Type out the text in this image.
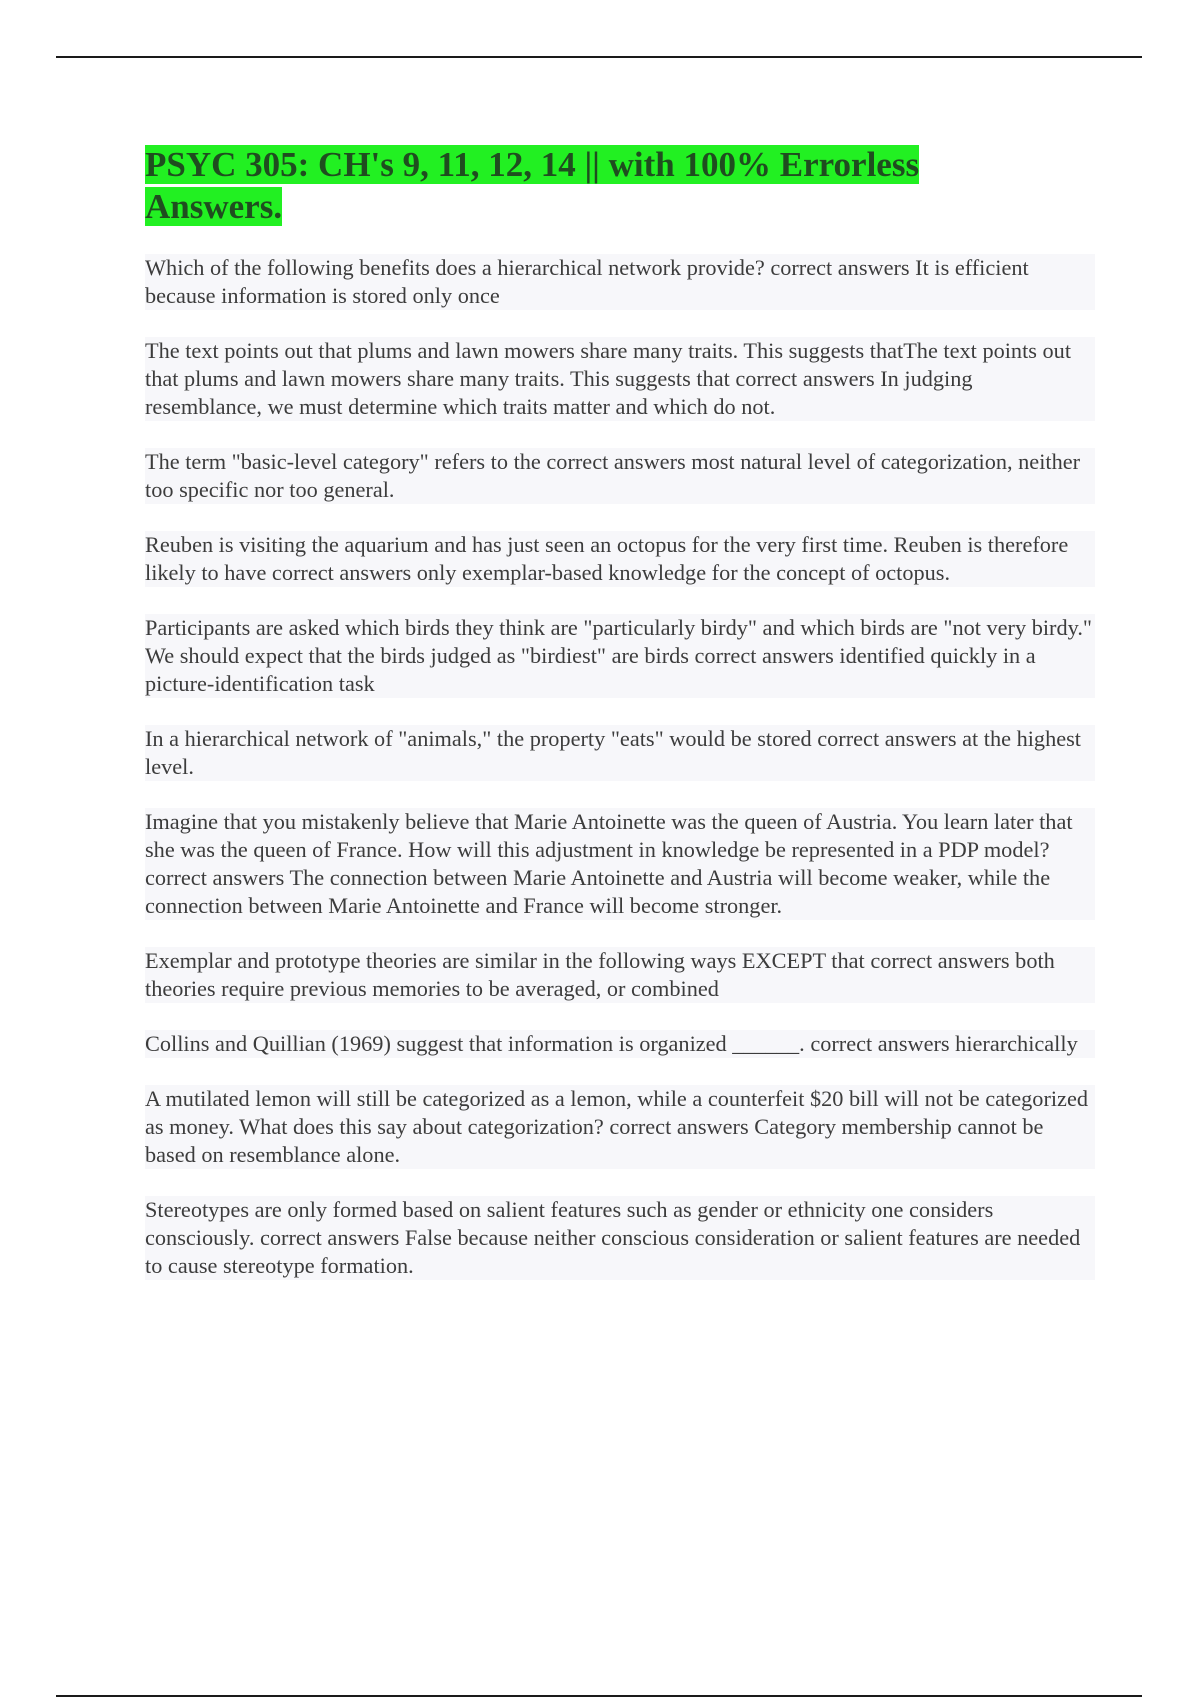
PSYC 305: CH's 9, 11, 12, 14 || with 100% Errorless Answers.

Which of the following benefits does a hierarchical network provide? correct answers It is efficient because information is stored only once

The text points out that plums and lawn mowers share many traits. This suggests thatThe text points out that plums and lawn mowers share many traits. This suggests that correct answers In judging resemblance, we must determine which traits matter and which do not.

The term "basic-level category" refers to the correct answers most natural level of categorization, neither too specific nor too general.

Reuben is visiting the aquarium and has just seen an octopus for the very first time. Reuben is therefore likely to have correct answers only exemplar-based knowledge for the concept of octopus.

Participants are asked which birds they think are "particularly birdy" and which birds are "not very birdy." We should expect that the birds judged as "birdiest" are birds correct answers identified quickly in a picture-identification task

In a hierarchical network of "animals," the property "eats" would be stored correct answers at the highest level.

Imagine that you mistakenly believe that Marie Antoinette was the queen of Austria. You learn later that she was the queen of France. How will this adjustment in knowledge be represented in a PDP model? correct answers The connection between Marie Antoinette and Austria will become weaker, while the connection between Marie Antoinette and France will become stronger.

Exemplar and prototype theories are similar in the following ways EXCEPT that correct answers both theories require previous memories to be averaged, or combined

Collins and Quillian (1969) suggest that information is organized ______. correct answers hierarchically

A mutilated lemon will still be categorized as a lemon, while a counterfeit $20 bill will not be categorized as money. What does this say about categorization? correct answers Category membership cannot be based on resemblance alone.

Stereotypes are only formed based on salient features such as gender or ethnicity one considers consciously. correct answers False because neither conscious consideration or salient features are needed to cause stereotype formation.
